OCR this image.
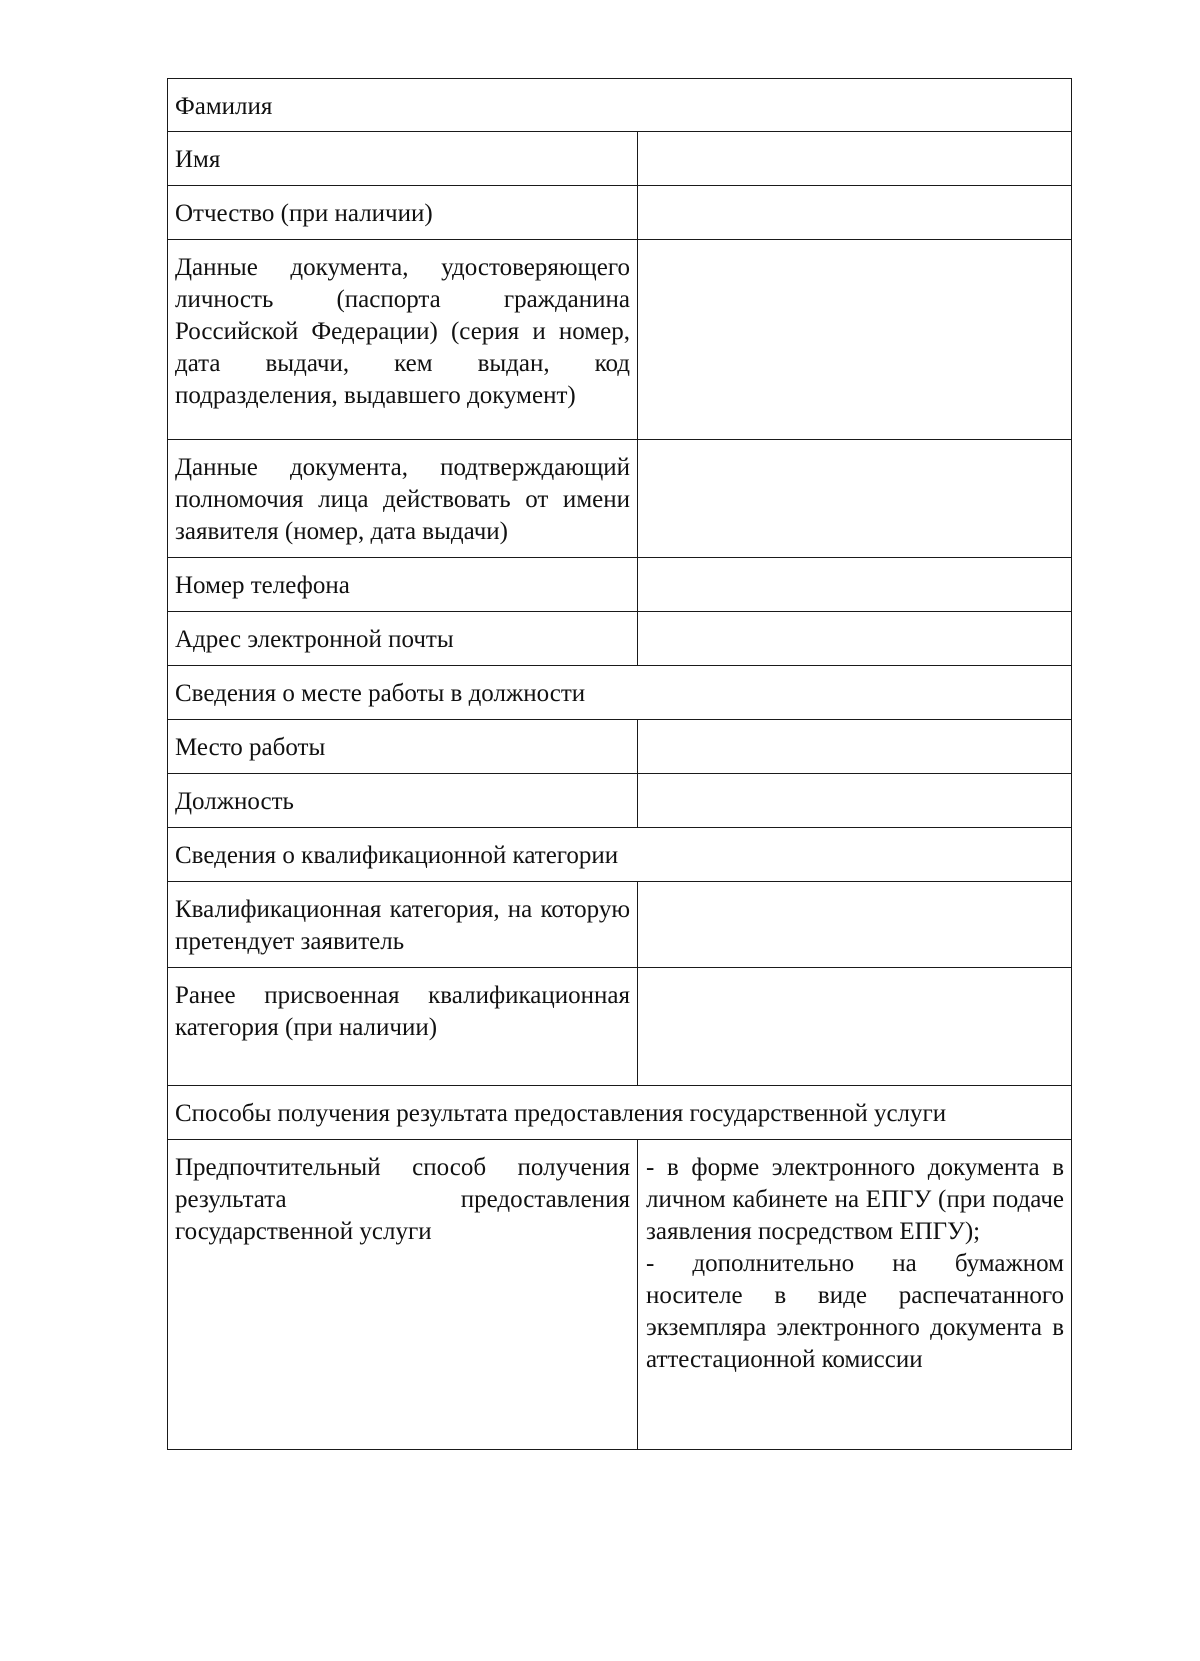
Фамилия	

Имя	

Отчество (при наличии)	

Данные документа, удостоверяющего личность (паспорта гражданина Российской Федерации) (серия и номер, дата выдачи, кем выдан, код подразделения, выдавшего документ)	

Данные документа, подтверждающий полномочия лица действовать от имени заявителя (номер, дата выдачи)	

Номер телефона	

Адрес электронной почты	

Сведения о месте работы в должности	

Место работы	

Должность	

Сведения о квалификационной категории	

Квалификационная категория, на которую претендует заявитель	

Ранее присвоенная квалификационная категория (при наличии)	

Способы получения результата предоставления государственной услуги	

Предпочтительный способ получения результата предоставления государственной услуги	- в форме электронного документа в личном кабинете на ЕПГУ (при подаче заявления посредством ЕПГУ);
- дополнительно на бумажном носителе в виде распечатанного экземпляра электронного документа в аттестационной комиссии
